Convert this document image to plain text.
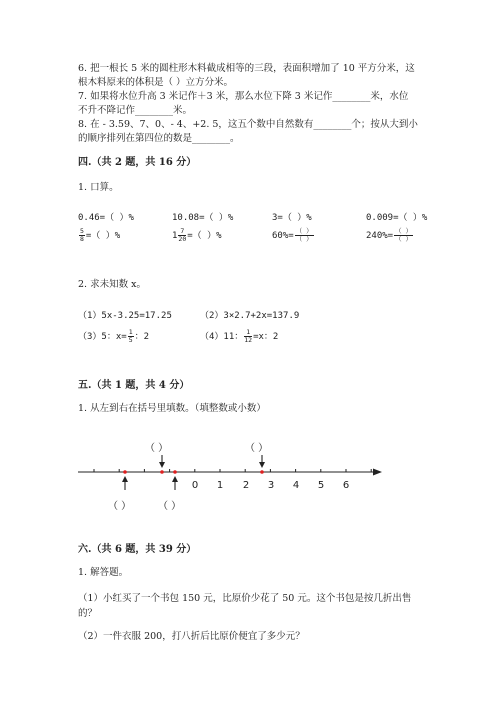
6. 把一根长 5 米的圆柱形木料截成相等的三段，表面积增加了 10 平方分米，这
根木料原来的体积是（ ）立方分米。
7. 如果将水位升高 3 米记作＋3 米，那么水位下降 3 米记作________米，水位
不升不降记作________米。
8. 在 - 3.59、7、0、- 4、+2. 5，这五个数中自然数有________个；按从大到小
的顺序排列在第四位的数是________。
四.（共 2 题，共 16 分）
1. 口算。
0.46=（ ）%	10.08=（ ）%	3=（ ）%	0.009=（ ）%
$\frac{5}{8}$ =（ ）%	$1 \frac{7}{20}$ =（ ）%	$60\%= \frac{( )}{( )}$	$240\%= \frac{( )}{( )}$
2. 求未知数 x。
（1）5x-3.25=17.25	（2）3×2.7+2x=137.9
（3）5：$x= \frac{1}{5}$ ：2	（4）11： $\frac{1}{12} =x$：2
五.（共 1 题，共 4 分）
1. 从左到右在括号里填数。（填整数或小数）
（ ）	（ ）
0 1 2 3 4 5 6
（ ）	（ ）
六.（共 6 题，共 39 分）
1. 解答题。
（1）小红买了一个书包 150 元，比原价少花了 50 元。这个书包是按几折出售
的？
（2）一件衣服 200，打八折后比原价便宜了多少元？
